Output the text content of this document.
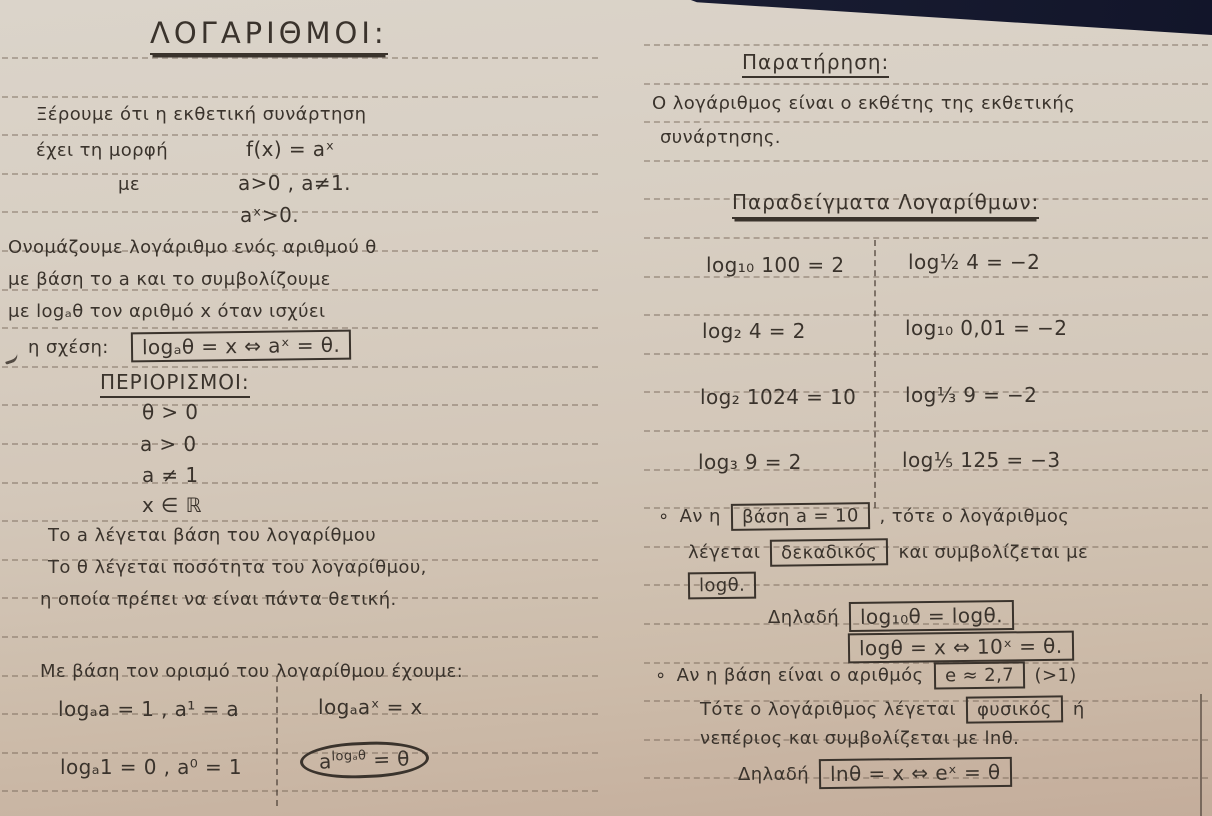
ΛΟΓΑΡΙΘΜΟΙ:
Ξέρουμε ότι η εκθετική συνάρτηση
έχει τη μορφή	f(x) = aˣ
με	a>0 , a≠1.
aˣ>0.
Ονομάζουμε λογάριθμο ενός αριθμού θ
με βάση το a και το συμβολίζουμε
με logₐθ τον αριθμό x όταν ισχύει
η σχέση:	logₐθ = x ⇔ aˣ = θ.
ΠΕΡΙΟΡΙΣΜΟΙ:
θ > 0
a > 0
a ≠ 1
x ∈ ℝ
Το a λέγεται βάση του λογαρίθμου
Το θ λέγεται ποσότητα του λογαρίθμου,
η οποία πρέπει να είναι πάντα θετική.
Με βάση τον ορισμό του λογαρίθμου έχουμε:
logₐa = 1 , a¹ = a	logₐaˣ = x
logₐ1 = 0 , a⁰ = 1	$a^{log_a\theta} = \theta$
Παρατήρηση:
Ο λογάριθμος είναι ο εκθέτης της εκθετικής
συνάρτησης.
Παραδείγματα Λογαρίθμων:
log₁₀ 100 = 2	log½ 4 = −2
log₂ 4 = 2	log₁₀ 0,01 = −2
log₂ 1024 = 10 log⅓ 9 = −2
log₃ 9 = 2	log⅕ 125 = −3
∘ Αν η	βάση a = 10	, τότε ο λογάριθμος
λέγεται	δεκαδικός	και συμβολίζεται με
logθ.
Δηλαδή	log₁₀θ = logθ.
logθ = x ⇔ 10ˣ = θ.
∘ Αν η βάση είναι ο αριθμός	e ≈ 2,7	(>1)
Τότε ο λογάριθμος λέγεται	φυσικός	ή
νεπέριος και συμβολίζεται με lnθ.
Δηλαδή	lnθ = x ⇔ eˣ = θ
